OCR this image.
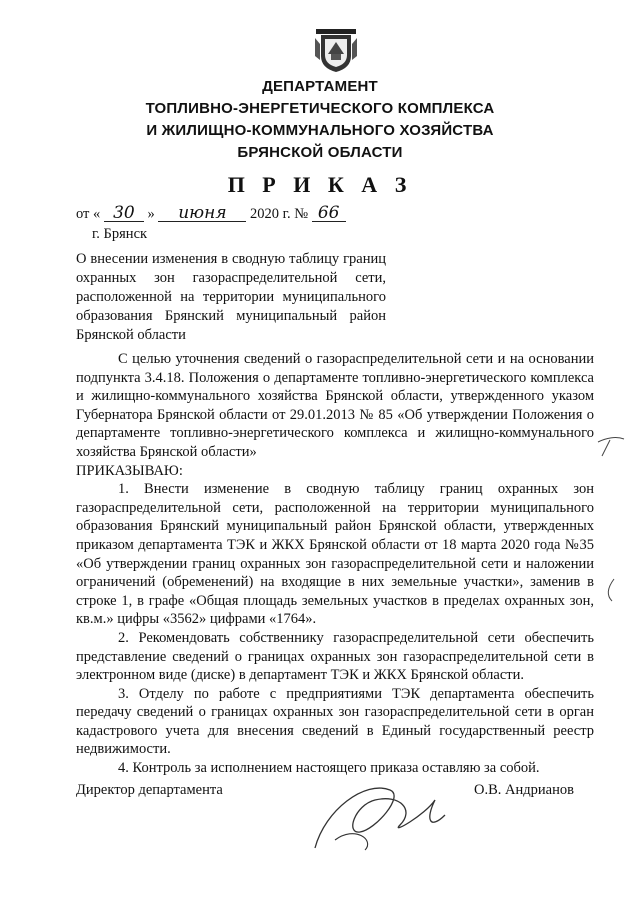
ДЕПАРТАМЕНТ
ТОПЛИВНО-ЭНЕРГЕТИЧЕСКОГО КОМПЛЕКСА
И ЖИЛИЩНО-КОММУНАЛЬНОГО ХОЗЯЙСТВА
БРЯНСКОЙ ОБЛАСТИ
П Р И К А З
от « 30 » июня 2020 г. № 66
г. Брянск
О внесении изменения в сводную таблицу границ охранных зон газораспределительной сети, расположенной на территории муниципального образования Брянский муниципальный район Брянской области

С целью уточнения сведений о газораспределительной сети и на основании подпункта 3.4.18. Положения о департаменте топливно-энергетического комплекса и жилищно-коммунального хозяйства Брянской области, утвержденного указом Губернатора Брянской области от 29.01.2013 № 85 «Об утверждении Положения о департаменте топливно-энергетического комплекса и жилищно-коммунального хозяйства Брянской области»

ПРИКАЗЫВАЮ:

1. Внести изменение в сводную таблицу границ охранных зон газораспределительной сети, расположенной на территории муниципального образования Брянский муниципальный район Брянской области, утвержденных приказом департамента ТЭК и ЖКХ Брянской области от 18 марта 2020 года №35 «Об утверждении границ охранных зон газораспределительной сети и наложении ограничений (обременений) на входящие в них земельные участки», заменив в строке 1, в графе «Общая площадь земельных участков в пределах охранных зон, кв.м.» цифры «3562» цифрами «1764».

2. Рекомендовать собственнику газораспределительной сети обеспечить представление сведений о границах охранных зон газораспределительной сети в электронном виде (диске) в департамент ТЭК и ЖКХ Брянской области.

3. Отделу по работе с предприятиями ТЭК департамента обеспечить передачу сведений о границах охранных зон газораспределительной сети в орган кадастрового учета для внесения сведений в Единый государственный реестр недвижимости.

4. Контроль за исполнением настоящего приказа оставляю за собой.

Директор департамента	О.В. Андрианов
